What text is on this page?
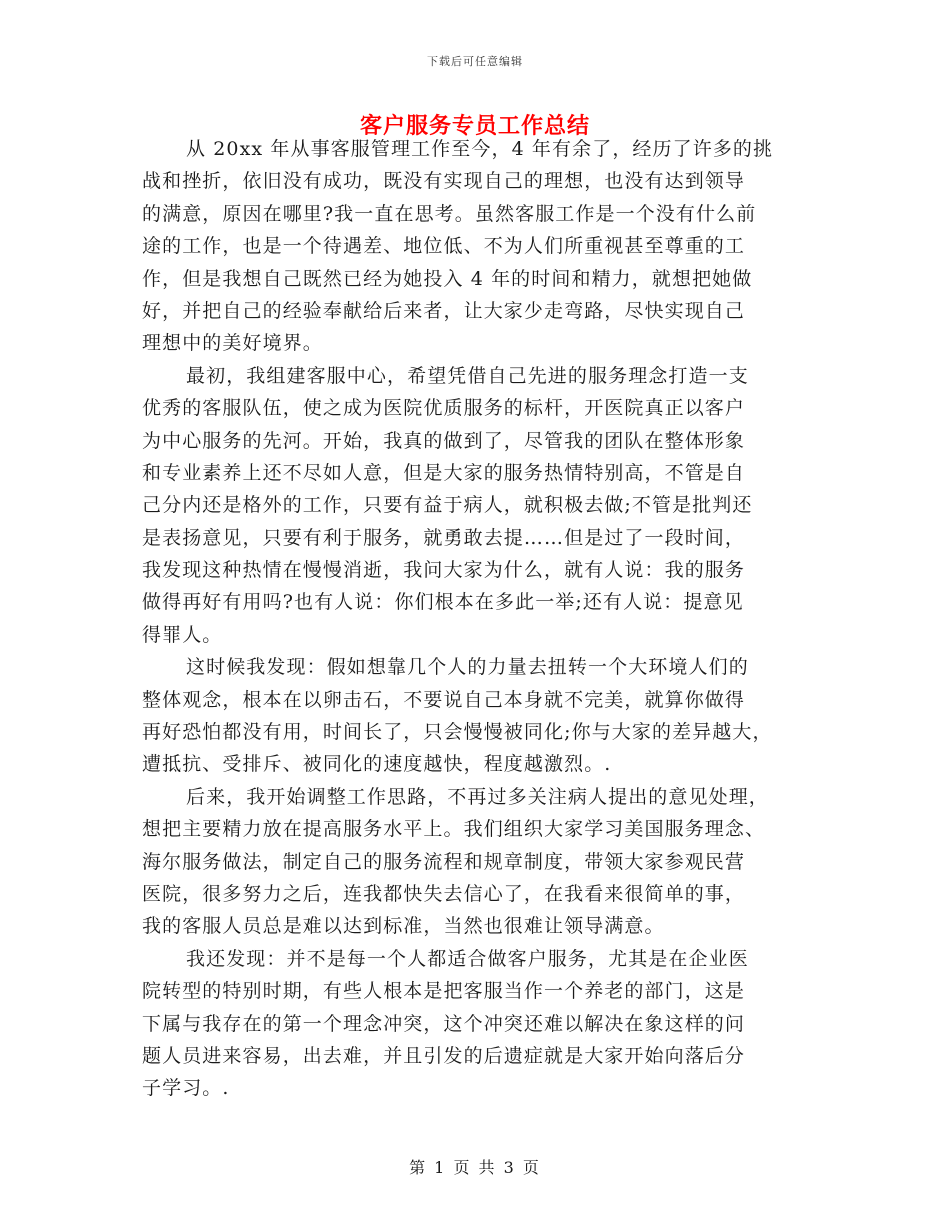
下载后可任意编辑
客户服务专员工作总结
从 20xx 年从事客服管理工作至今，4 年有余了，经历了许多的挑
战和挫折，依旧没有成功，既没有实现自己的理想，也没有达到领导
的满意，原因在哪里?我一直在思考。虽然客服工作是一个没有什么前
途的工作，也是一个待遇差、地位低、不为人们所重视甚至尊重的工
作，但是我想自己既然已经为她投入 4 年的时间和精力，就想把她做
好，并把自己的经验奉献给后来者，让大家少走弯路，尽快实现自己
理想中的美好境界。
最初，我组建客服中心，希望凭借自己先进的服务理念打造一支
优秀的客服队伍，使之成为医院优质服务的标杆，开医院真正以客户
为中心服务的先河。开始，我真的做到了，尽管我的团队在整体形象
和专业素养上还不尽如人意，但是大家的服务热情特别高，不管是自
己分内还是格外的工作，只要有益于病人，就积极去做;不管是批判还
是表扬意见，只要有利于服务，就勇敢去提……但是过了一段时间，
我发现这种热情在慢慢消逝，我问大家为什么，就有人说：我的服务
做得再好有用吗?也有人说：你们根本在多此一举;还有人说：提意见
得罪人。
这时候我发现：假如想靠几个人的力量去扭转一个大环境人们的
整体观念，根本在以卵击石，不要说自己本身就不完美，就算你做得
再好恐怕都没有用，时间长了，只会慢慢被同化;你与大家的差异越大，
遭抵抗、受排斥、被同化的速度越快，程度越激烈。.
后来，我开始调整工作思路，不再过多关注病人提出的意见处理，
想把主要精力放在提高服务水平上。我们组织大家学习美国服务理念、
海尔服务做法，制定自己的服务流程和规章制度，带领大家参观民营
医院，很多努力之后，连我都快失去信心了，在我看来很简单的事，
我的客服人员总是难以达到标准，当然也很难让领导满意。
我还发现：并不是每一个人都适合做客户服务，尤其是在企业医
院转型的特别时期，有些人根本是把客服当作一个养老的部门，这是
下属与我存在的第一个理念冲突，这个冲突还难以解决在象这样的问
题人员进来容易，出去难，并且引发的后遗症就是大家开始向落后分
子学习。.
第 1 页 共 3 页
